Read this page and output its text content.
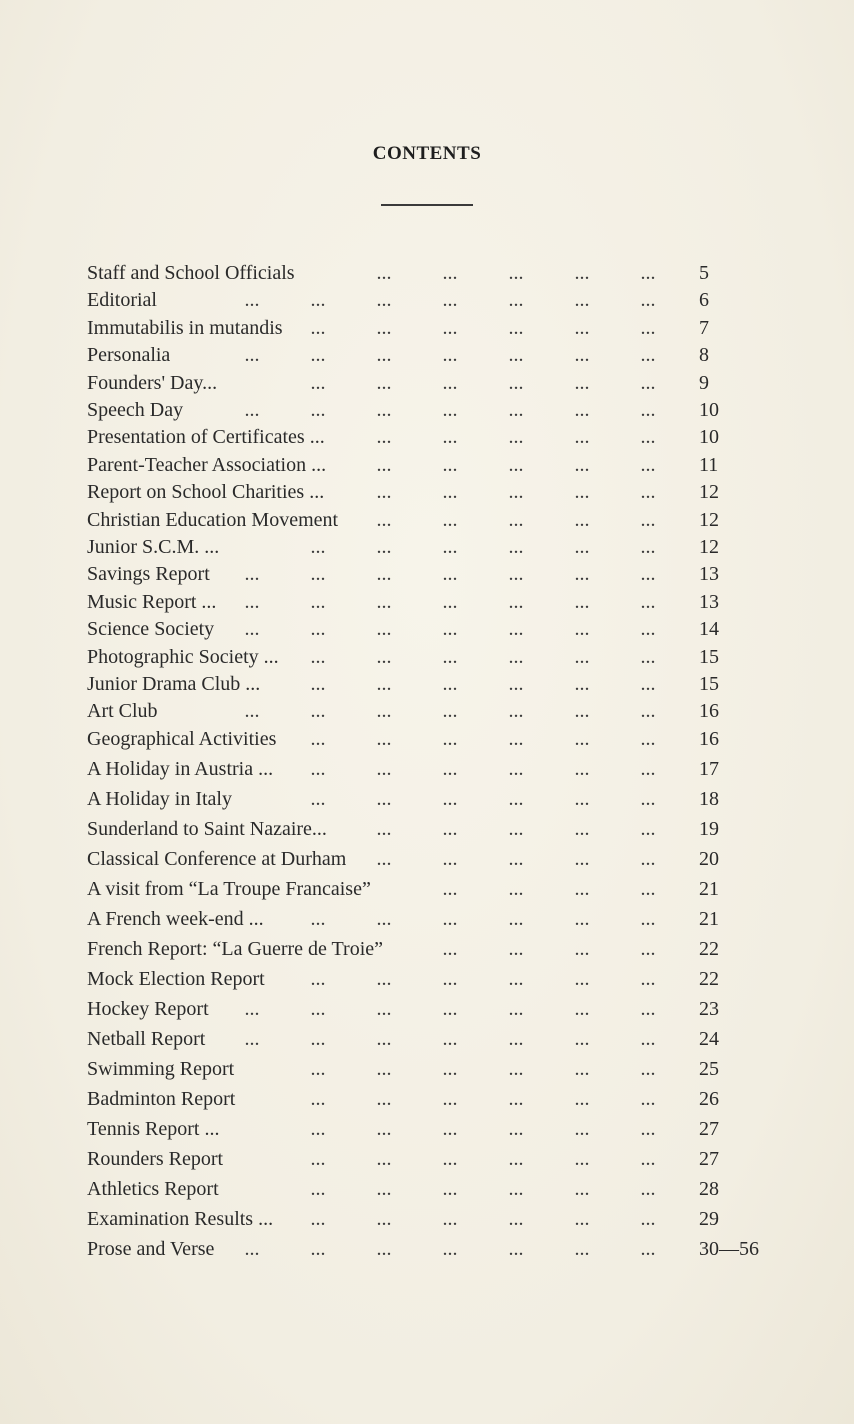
CONTENTS
...	...	...	...	...
Staff and School Officials	5
...	...	...	...	...	...	...
Editorial	6
...	...	...	...	...	...
Immutabilis in mutandis	7
...	...	...	...	...	...	...
Personalia	8
...	...	...	...	...	...
Founders' Day...	9
...	...	...	...	...	...	...
Speech Day	10
...	...	...	...	...
Presentation of Certificates ...	10
...	...	...	...	...
Parent-Teacher Association ...	11
...	...	...	...	...
Report on School Charities ...	12
...	...	...	...	...
Christian Education Movement	12
...	...	...	...	...	...
Junior S.C.M. ...	12
...	...	...	...	...	...	...
Savings Report	13
...	...	...	...	...	...	...
Music Report ...	13
...	...	...	...	...	...	...
Science Society	14
...	...	...	...	...	...
Photographic Society ...	15
...	...	...	...	...	...
Junior Drama Club ...	15
...	...	...	...	...	...	...
Art Club	16
...	...	...	...	...	...
Geographical Activities	16
...	...	...	...	...	...
A Holiday in Austria ...	17
...	...	...	...	...	...
A Holiday in Italy	18
...	...	...	...	...
Sunderland to Saint Nazaire...	19
...	...	...	...	...
Classical Conference at Durham	20
...	...	...	...
A visit from “La Troupe Francaise”	21
...	...	...	...	...	...
A French week-end ...	21
...	...	...	...
French Report: “La Guerre de Troie”	22
...	...	...	...	...	...
Mock Election Report	22
...	...	...	...	...	...	...
Hockey Report	23
...	...	...	...	...	...	...
Netball Report	24
...	...	...	...	...	...
Swimming Report	25
...	...	...	...	...	...
Badminton Report	26
...	...	...	...	...	...
Tennis Report ...	27
...	...	...	...	...	...
Rounders Report	27
...	...	...	...	...	...
Athletics Report	28
...	...	...	...	...	...
Examination Results ...	29
...	...	...	...	...	...	...
Prose and Verse	30—56
